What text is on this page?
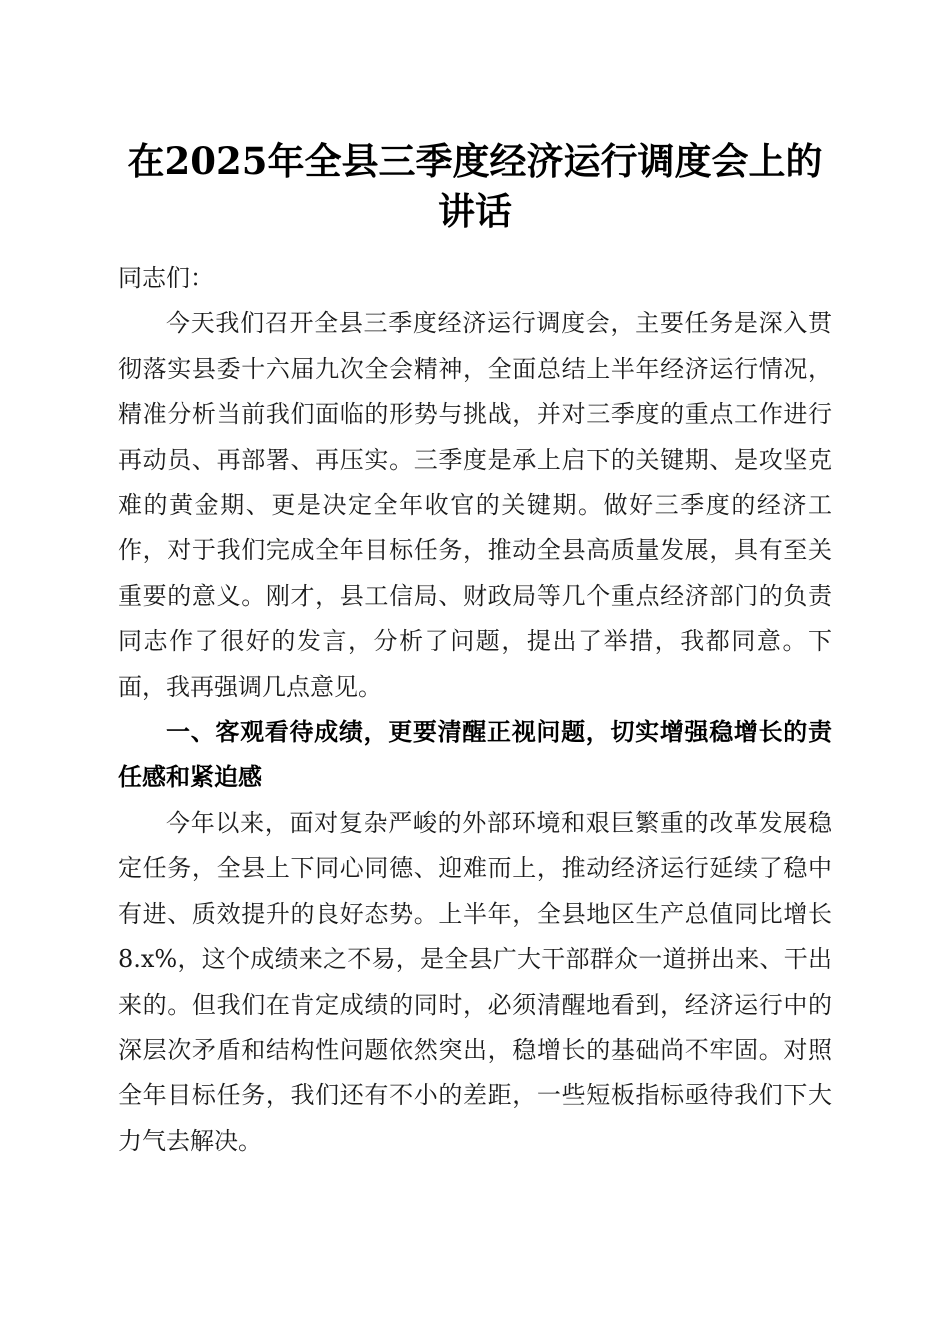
在2025年全县三季度经济运行调度会上的讲话

同志们：

今天我们召开全县三季度经济运行调度会，主要任务是深入贯彻落实县委十六届九次全会精神，全面总结上半年经济运行情况，精准分析当前我们面临的形势与挑战，并对三季度的重点工作进行再动员、再部署、再压实。三季度是承上启下的关键期、是攻坚克难的黄金期、更是决定全年收官的关键期。做好三季度的经济工作，对于我们完成全年目标任务，推动全县高质量发展，具有至关重要的意义。刚才，县工信局、财政局等几个重点经济部门的负责同志作了很好的发言，分析了问题，提出了举措，我都同意。下面，我再强调几点意见。

一、客观看待成绩，更要清醒正视问题，切实增强稳增长的责任感和紧迫感

今年以来，面对复杂严峻的外部环境和艰巨繁重的改革发展稳定任务，全县上下同心同德、迎难而上，推动经济运行延续了稳中有进、质效提升的良好态势。上半年，全县地区生产总值同比增长8.x%，这个成绩来之不易，是全县广大干部群众一道拼出来、干出来的。但我们在肯定成绩的同时，必须清醒地看到，经济运行中的深层次矛盾和结构性问题依然突出，稳增长的基础尚不牢固。对照全年目标任务，我们还有不小的差距，一些短板指标亟待我们下大力气去解决。
